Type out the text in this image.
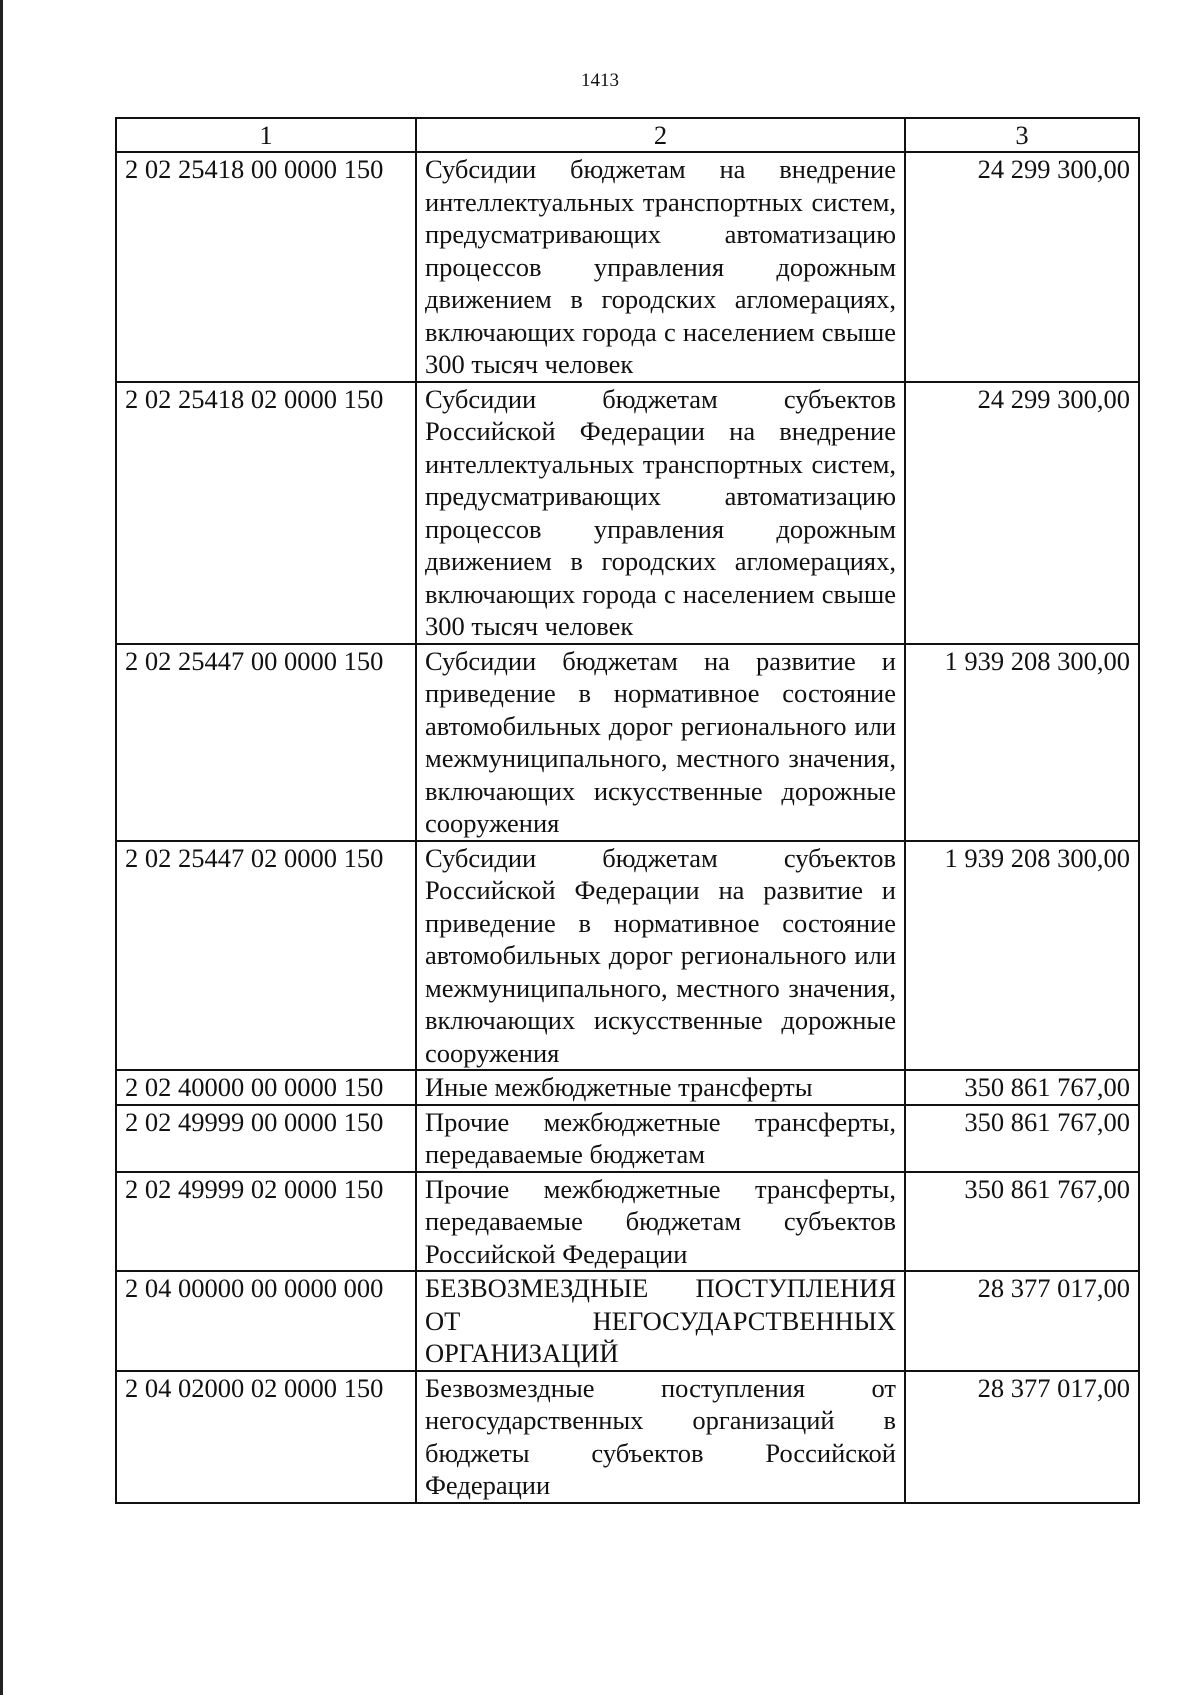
1413
1	2	3
2 02 25418 00 0000 150	Субсидии бюджетам на внедрение интеллектуальных транспортных систем, предусматривающих автоматизацию процессов управления дорожным движением в городских агломерациях, включающих города с населением свыше 300 тысяч человек	24 299 300,00
2 02 25418 02 0000 150	Субсидии бюджетам субъектов Российской Федерации на внедрение интеллектуальных транспортных систем, предусматривающих автоматизацию процессов управления дорожным движением в городских агломерациях, включающих города с населением свыше 300 тысяч человек	24 299 300,00
2 02 25447 00 0000 150	Субсидии бюджетам на развитие и приведение в нормативное состояние автомобильных дорог регионального или межмуниципального, местного значения, включающих искусственные дорожные сооружения	1 939 208 300,00
2 02 25447 02 0000 150	Субсидии бюджетам субъектов Российской Федерации на развитие и приведение в нормативное состояние автомобильных дорог регионального или межмуниципального, местного значения, включающих искусственные дорожные сооружения	1 939 208 300,00
2 02 40000 00 0000 150	Иные межбюджетные трансферты	350 861 767,00
2 02 49999 00 0000 150	Прочие межбюджетные трансферты, передаваемые бюджетам	350 861 767,00
2 02 49999 02 0000 150	Прочие межбюджетные трансферты, передаваемые бюджетам субъектов Российской Федерации	350 861 767,00
2 04 00000 00 0000 000	БЕЗВОЗМЕЗДНЫЕ ПОСТУПЛЕНИЯ ОТ НЕГОСУДАРСТВЕННЫХ ОРГАНИЗАЦИЙ	28 377 017,00
2 04 02000 02 0000 150	Безвозмездные поступления от негосударственных организаций в бюджеты субъектов Российской Федерации	28 377 017,00
